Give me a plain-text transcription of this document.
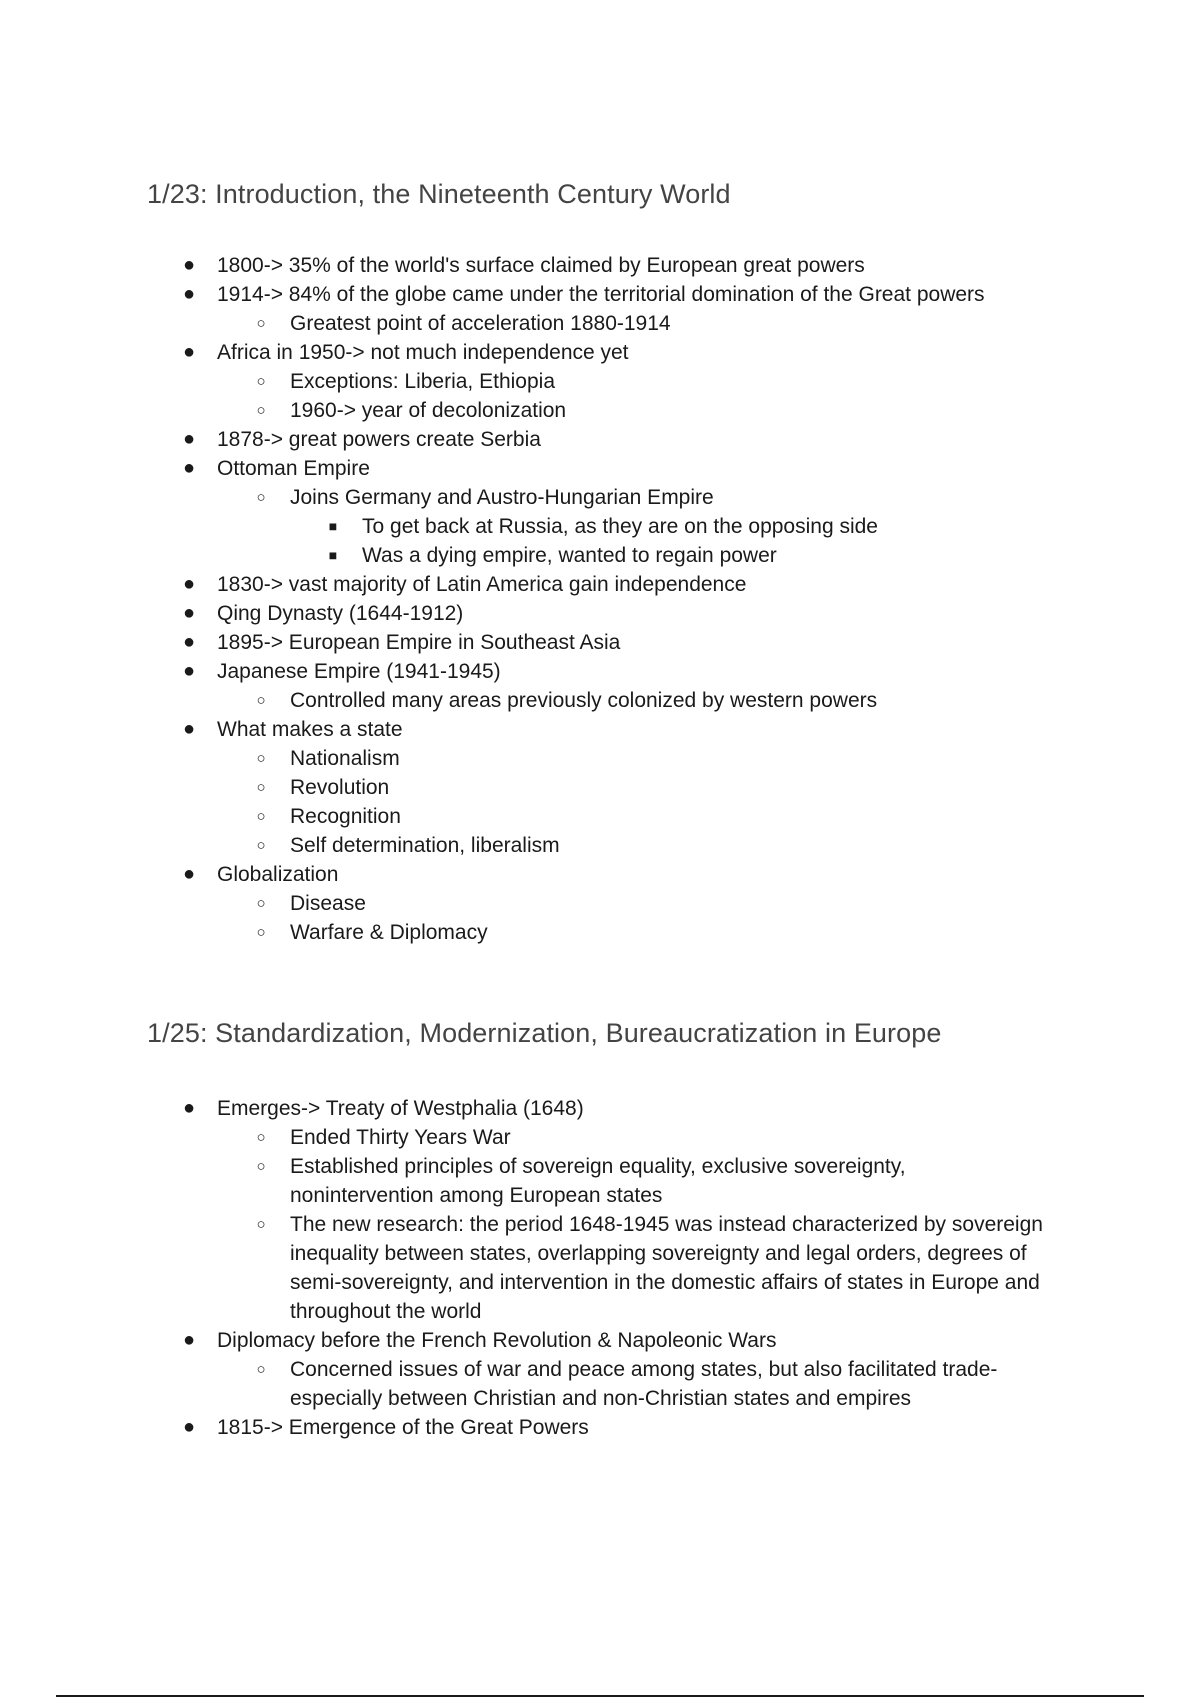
1/23: Introduction, the Nineteenth Century World
● 1800-> 35% of the world's surface claimed by European great powers
● 1914-> 84% of the globe came under the territorial domination of the Great powers
○ Greatest point of acceleration 1880-1914
● Africa in 1950-> not much independence yet
○ Exceptions: Liberia, Ethiopia
○ 1960-> year of decolonization
● 1878-> great powers create Serbia
● Ottoman Empire
○ Joins Germany and Austro-Hungarian Empire
■ To get back at Russia, as they are on the opposing side
■ Was a dying empire, wanted to regain power
● 1830-> vast majority of Latin America gain independence
● Qing Dynasty (1644-1912)
● 1895-> European Empire in Southeast Asia
● Japanese Empire (1941-1945)
○ Controlled many areas previously colonized by western powers
● What makes a state
○ Nationalism
○ Revolution
○ Recognition
○ Self determination, liberalism
● Globalization
○ Disease
○ Warfare & Diplomacy
1/25: Standardization, Modernization, Bureaucratization in Europe
● Emerges-> Treaty of Westphalia (1648)
○ Ended Thirty Years War
○ Established principles of sovereign equality, exclusive sovereignty,
nonintervention among European states
○ The new research: the period 1648-1945 was instead characterized by sovereign
inequality between states, overlapping sovereignty and legal orders, degrees of
semi-sovereignty, and intervention in the domestic affairs of states in Europe and
throughout the world
● Diplomacy before the French Revolution & Napoleonic Wars
○ Concerned issues of war and peace among states, but also facilitated trade-
especially between Christian and non-Christian states and empires
● 1815-> Emergence of the Great Powers
